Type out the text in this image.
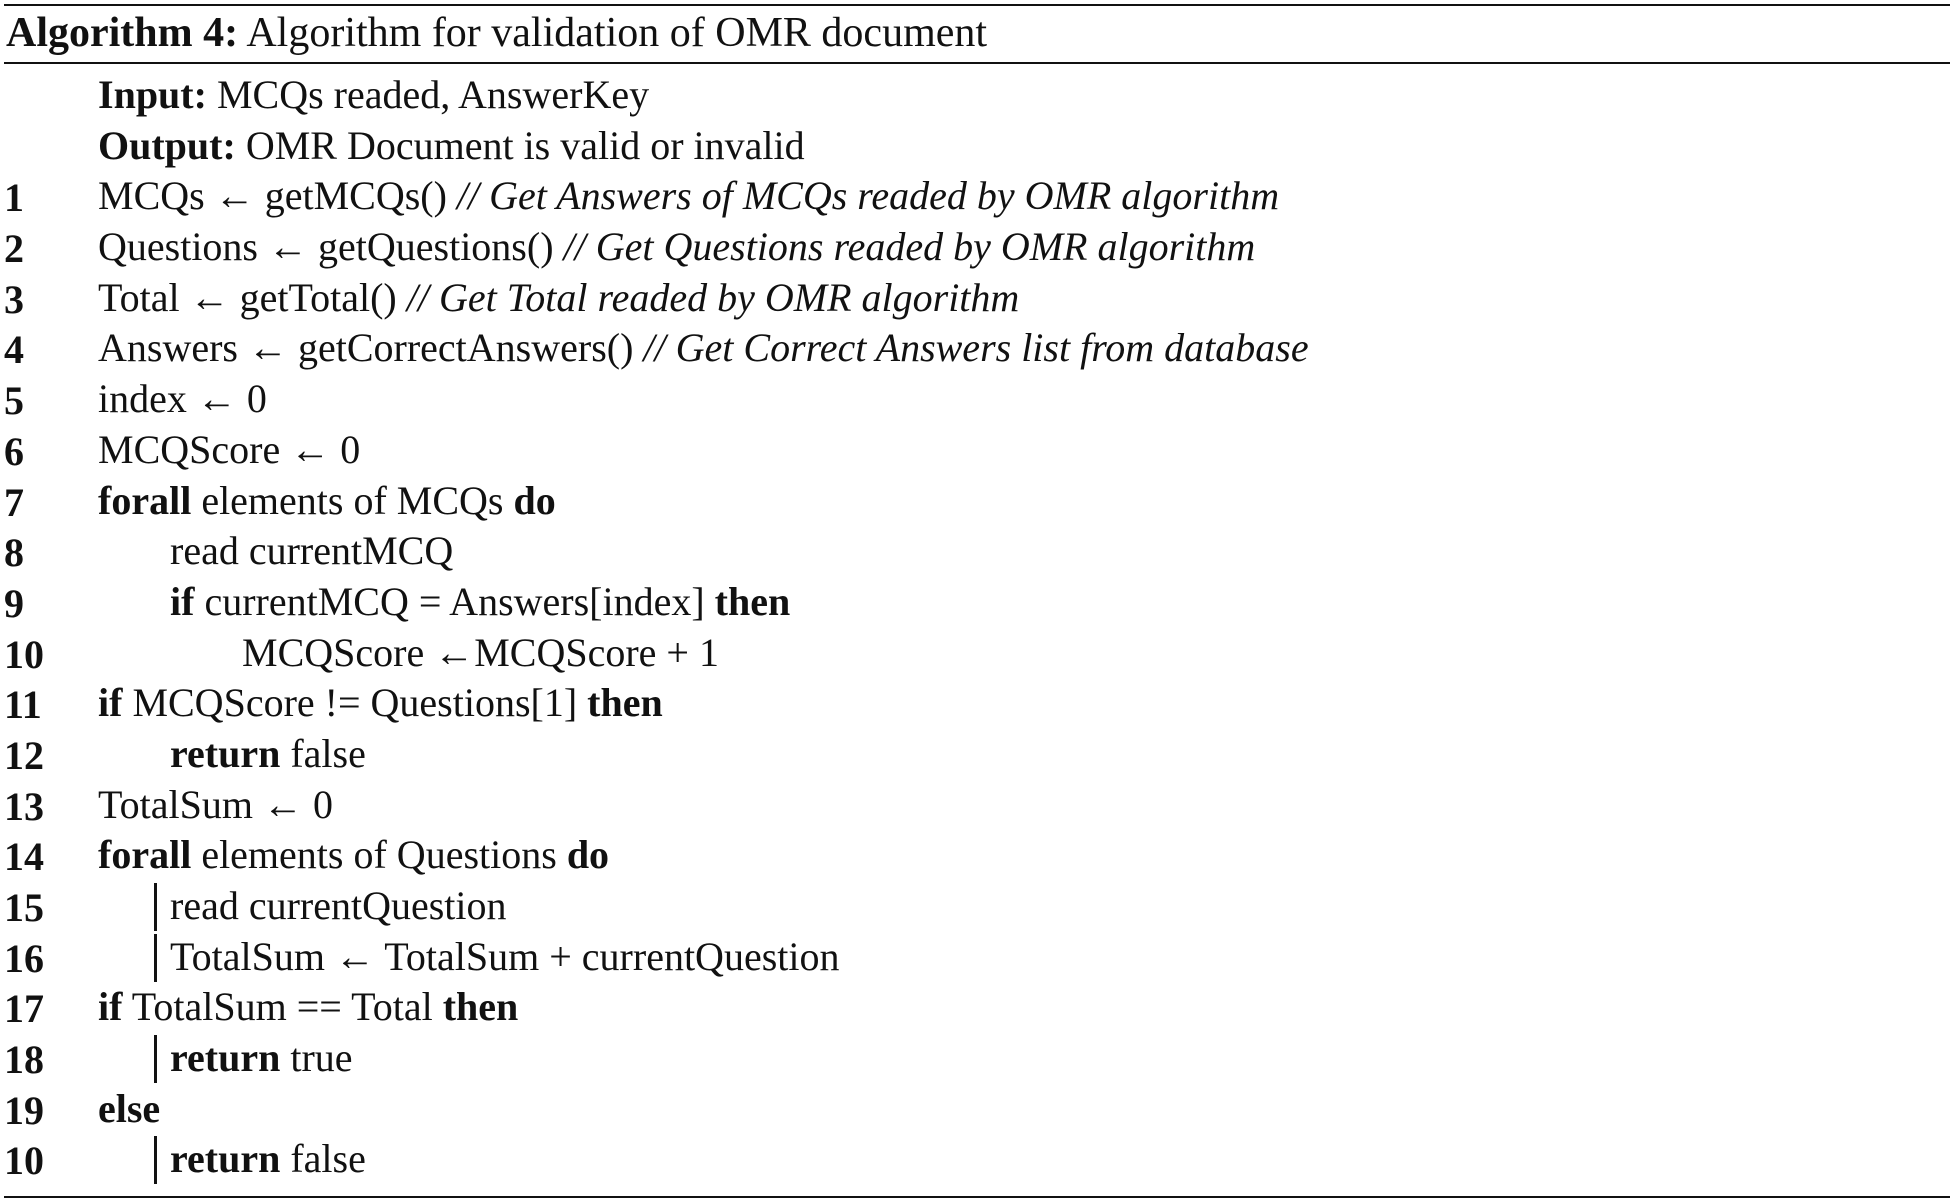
Algorithm 4: Algorithm for validation of OMR document
Input: MCQs readed, AnswerKey
Output: OMR Document is valid or invalid
1	MCQs ← getMCQs() // Get Answers of MCQs readed by OMR algorithm
2	Questions ← getQuestions() // Get Questions readed by OMR algorithm
3	Total ← getTotal() // Get Total readed by OMR algorithm
4	Answers ← getCorrectAnswers() // Get Correct Answers list from database
5	index ← 0
6	MCQScore ← 0
7	forall elements of MCQs do
8	read currentMCQ
9	if currentMCQ = Answers[index] then
10	MCQScore ←MCQScore + 1
11	if MCQScore != Questions[1] then
12	return false
13	TotalSum ← 0
14	forall elements of Questions do
15	read currentQuestion
16	TotalSum ← TotalSum + currentQuestion
17	if TotalSum == Total then
18	return true
19	else
10	return false
